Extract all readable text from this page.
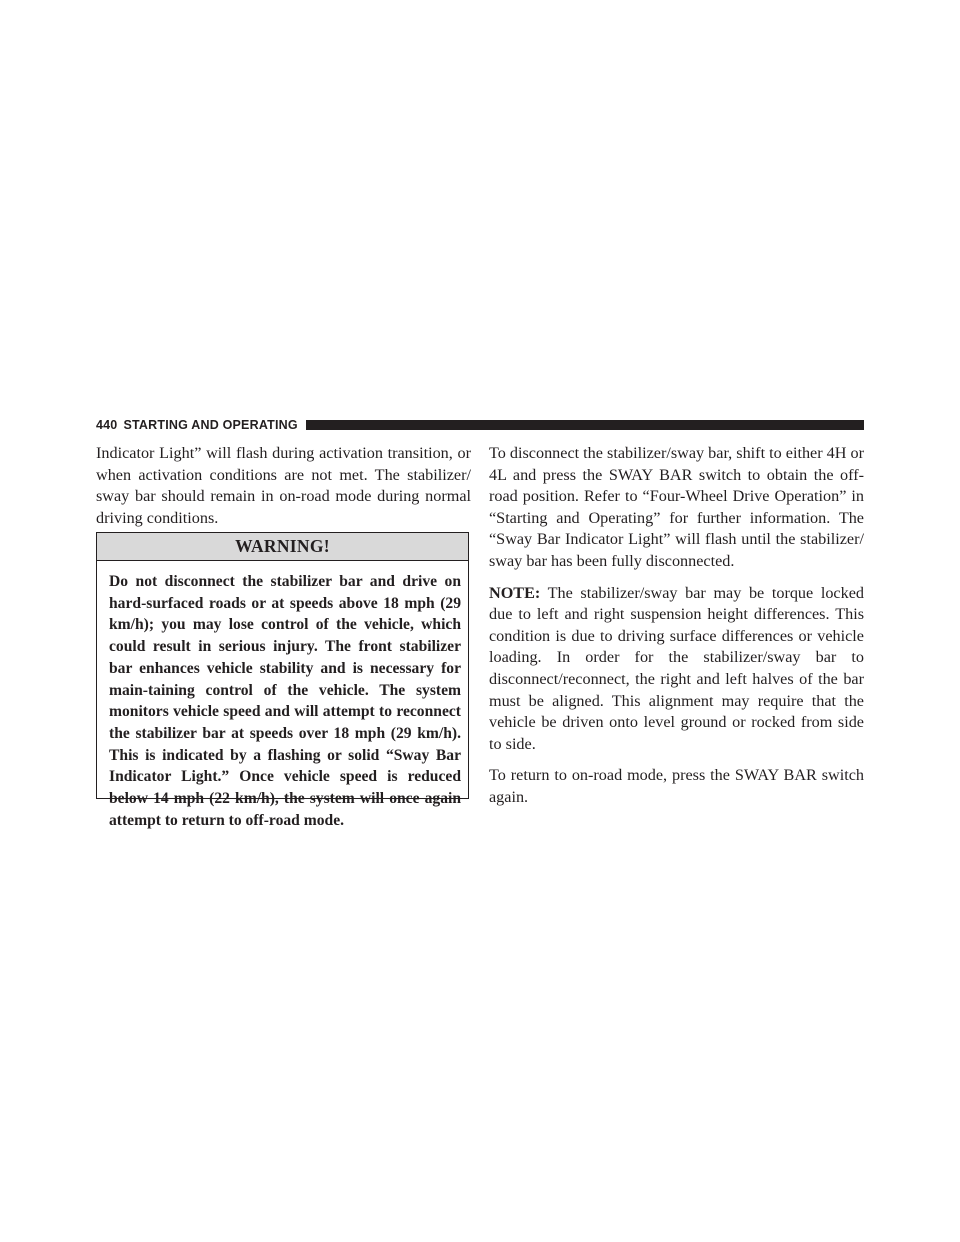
440 STARTING AND OPERATING

Indicator Light” will flash during activation transition, or when activation conditions are not met. The stabilizer/ sway bar should remain in on-road mode during normal driving conditions.

WARNING!
Do not disconnect the stabilizer bar and drive on hard-surfaced roads or at speeds above 18 mph (29 km/h); you may lose control of the vehicle, which could result in serious injury. The front stabilizer bar enhances vehicle stability and is necessary for main-taining control of the vehicle. The system monitors vehicle speed and will attempt to reconnect the stabilizer bar at speeds over 18 mph (29 km/h). This is indicated by a flashing or solid “Sway Bar Indicator Light.” Once vehicle speed is reduced below 14 mph (22 km/h), the system will once again attempt to return to off-road mode.

To disconnect the stabilizer/sway bar, shift to either 4H or 4L and press the SWAY BAR switch to obtain the off-road position. Refer to “Four-Wheel Drive Operation” in “Starting and Operating” for further information. The “Sway Bar Indicator Light” will flash until the stabilizer/ sway bar has been fully disconnected.

NOTE: The stabilizer/sway bar may be torque locked due to left and right suspension height differences. This condition is due to driving surface differences or vehicle loading. In order for the stabilizer/sway bar to disconnect/reconnect, the right and left halves of the bar must be aligned. This alignment may require that the vehicle be driven onto level ground or rocked from side to side.

To return to on-road mode, press the SWAY BAR switch again.
